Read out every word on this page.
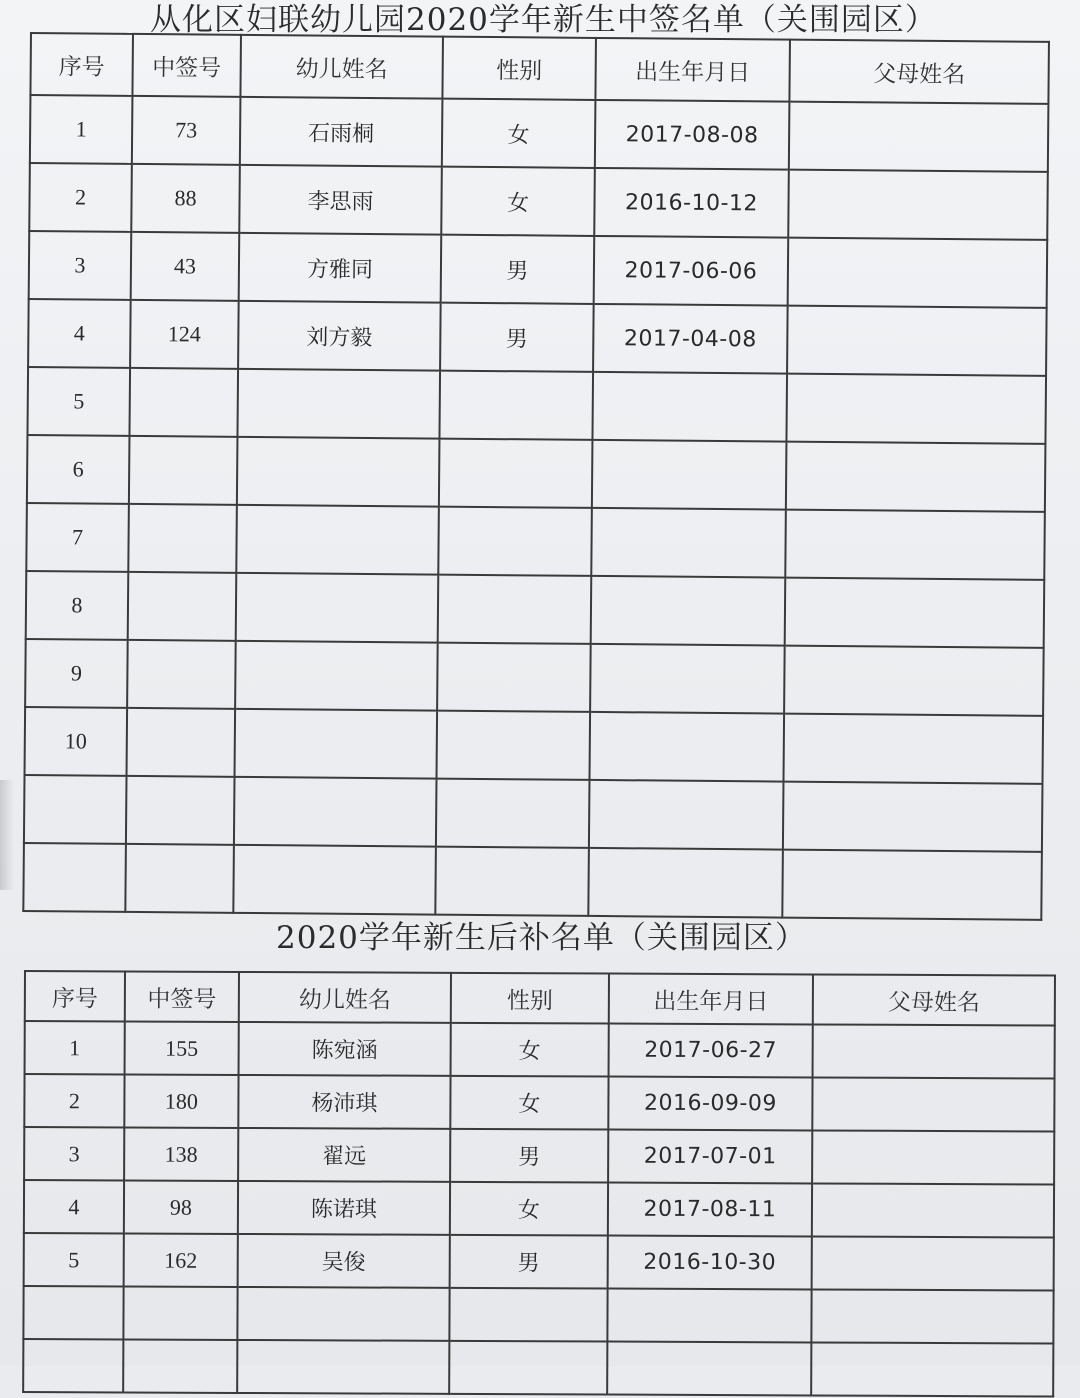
从化区妇联幼儿园2020学年新生中签名单（关围园区）
序号	中签号	幼儿姓名	性别	出生年月日	父母姓名
1	73	石雨桐	女	2017-08-08	
2	88	李思雨	女	2016-10-12	
3	43	方雅同	男	2017-06-06	
4	124	刘方毅	男	2017-04-08	
5					
6					
7					
8					
9					
10					

2020学年新生后补名单（关围园区）
序号	中签号	幼儿姓名	性别	出生年月日	父母姓名
1	155	陈宛涵	女	2017-06-27	
2	180	杨沛琪	女	2016-09-09	
3	138	翟远	男	2017-07-01	
4	98	陈诺琪	女	2017-08-11	
5	162	吴俊	男	2016-10-30	
